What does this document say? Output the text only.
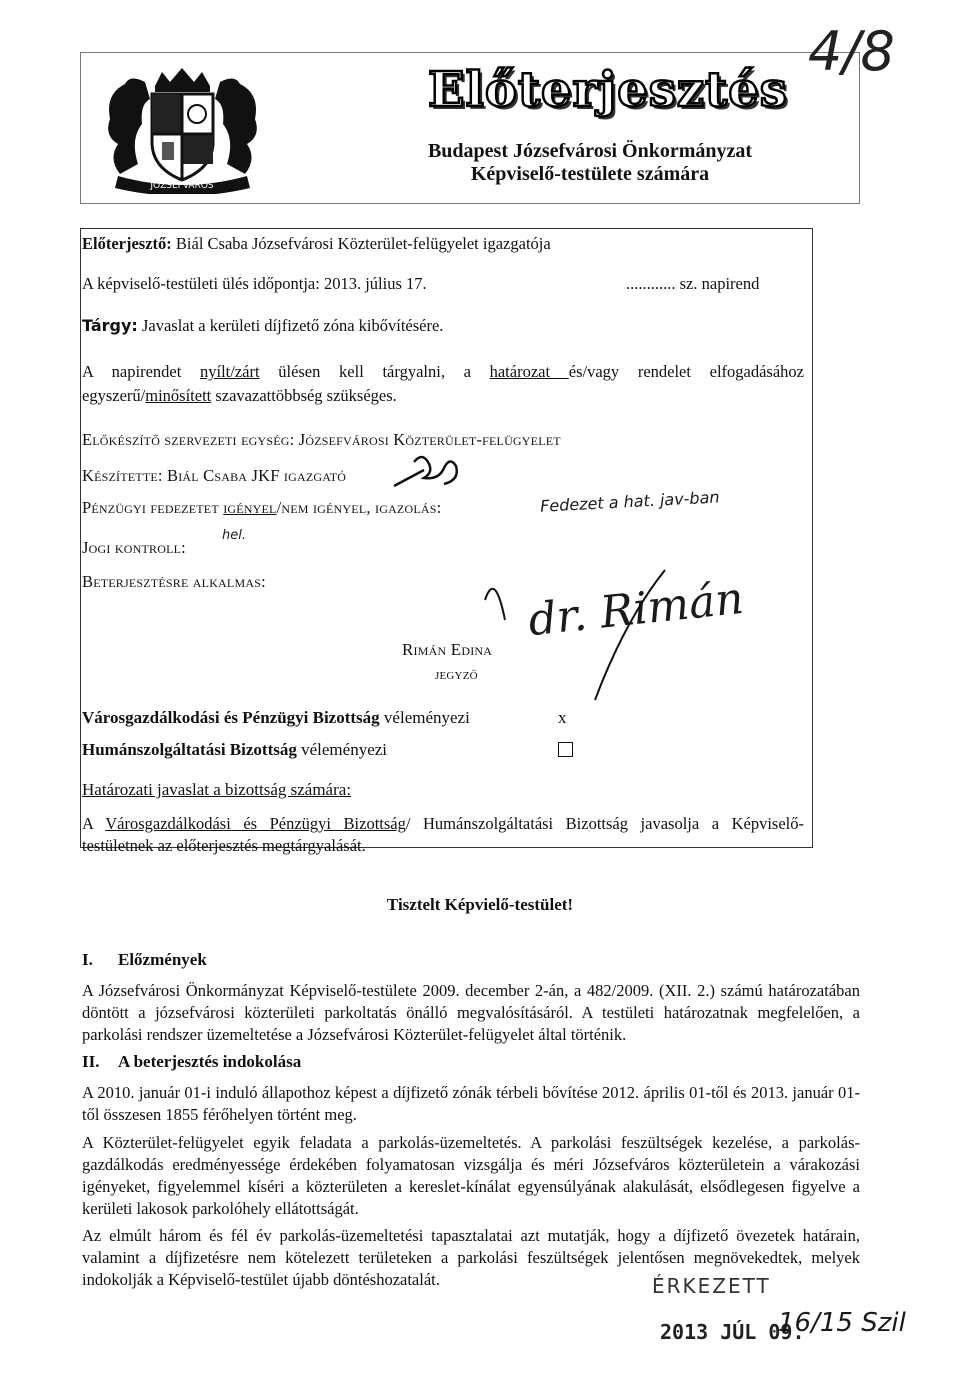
JÓZSEFVÁROS
Előterjesztés
Budapest Józsefvárosi Önkormányzat
Képviselő-testülete számára
4/8
Előterjesztő: Biál Csaba Józsefvárosi Közterület-felügyelet igazgatója
A képviselő-testületi ülés időpontja: 2013. július 17.	............ sz. napirend
Tárgy: Javaslat a kerületi díjfizető zóna kibővítésére.
A napirendet nyílt/zárt ülésen kell tárgyalni, a határozat és/vagy rendelet elfogadásához
egyszerű/minősített szavazattöbbség szükséges.
Előkészítő szervezeti egység: Józsefvárosi Közterület-felügyelet
Készítette: Biál Csaba JKF igazgató
Pénzügyi fedezetet igényel/nem igényel, igazolás:	Fedezet a hat. jav-ban
Jogi kontroll:
hel.
Beterjesztésre alkalmas:	dr. Rimán
Rimán Edina
jegyző
Városgazdálkodási és Pénzügyi Bizottság véleményezi	x
Humánszolgáltatási Bizottság véleményezi
Határozati javaslat a bizottság számára:
A Városgazdálkodási és Pénzügyi Bizottság/ Humánszolgáltatási Bizottság javasolja a Képviselő-
testületnek az előterjesztés megtárgyalását.
Tisztelt Képvielő-testület!
I. Előzmények
A Józsefvárosi Önkormányzat Képviselő-testülete 2009. december 2-án, a 482/2009. (XII. 2.) számú határozatában döntött a józsefvárosi közterületi parkoltatás önálló megvalósításáról. A testületi határozatnak megfelelően, a parkolási rendszer üzemeltetése a Józsefvárosi Közterület-felügyelet által történik.
II. A beterjesztés indokolása
A 2010. január 01-i induló állapothoz képest a díjfizető zónák térbeli bővítése 2012. április 01-től és 2013. január 01-től összesen 1855 férőhelyen történt meg.
A Közterület-felügyelet egyik feladata a parkolás-üzemeltetés. A parkolási feszültségek kezelése, a parkolás-gazdálkodás eredményessége érdekében folyamatosan vizsgálja és méri Józsefváros közterületein a várakozási igényeket, figyelemmel kíséri a közterületen a kereslet-kínálat egyensúlyának alakulását, elsődlegesen figyelve a kerületi lakosok parkolóhely ellátottságát.
Az elmúlt három és fél év parkolás-üzemeltetési tapasztalatai azt mutatják, hogy a díjfizető övezetek határain, valamint a díjfizetésre nem kötelezett területeken a parkolási feszültségek jelentősen megnövekedtek, melyek indokolják a Képviselő-testület újabb döntéshozatalát.	ÉRKEZETT
2013 JÚL 09.
16/15 Szil
